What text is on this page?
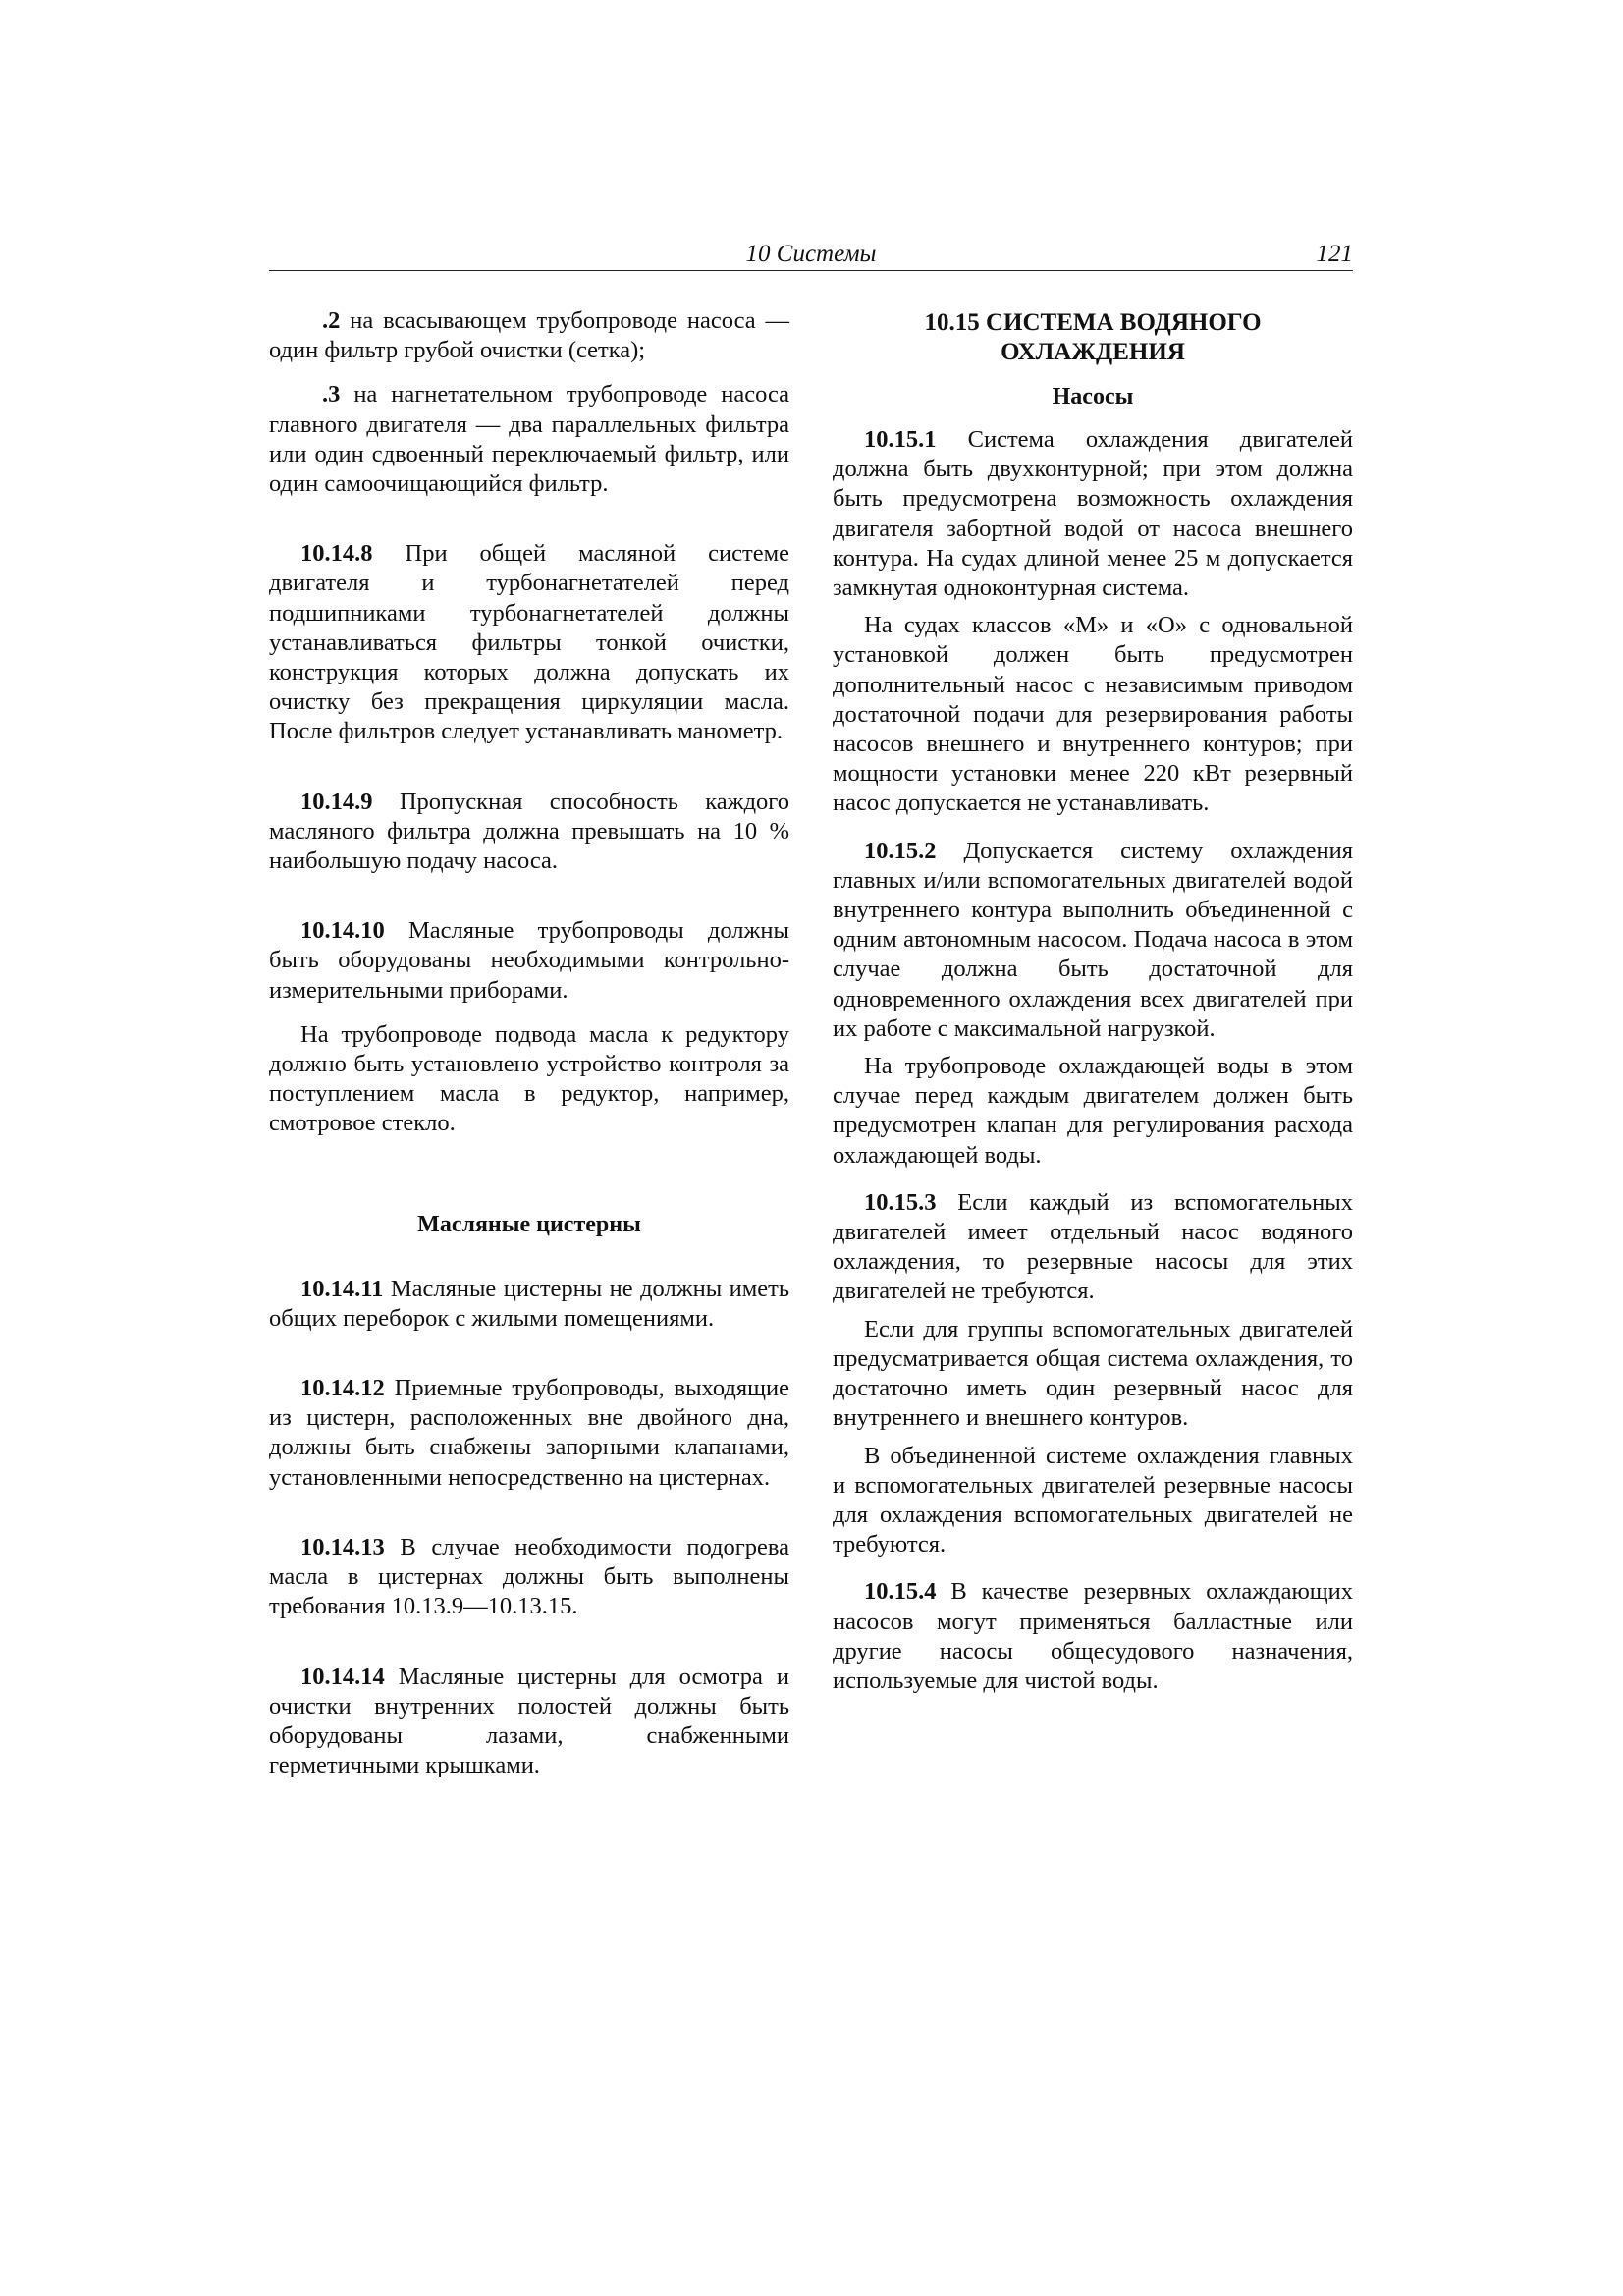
10 Системы	121

.2 на всасывающем трубопроводе насоса — один фильтр грубой очистки (сетка);

.3 на нагнетательном трубопроводе насоса главного двигателя — два параллельных фильтра или один сдвоенный переключаемый фильтр, или один самоочищающийся фильтр.

10.14.8 При общей масляной системе двигателя и турбонагнетателей перед подшипниками турбонагнетателей должны устанавливаться фильтры тонкой очистки, конструкция которых должна допускать их очистку без прекращения циркуляции масла. После фильтров следует устанавливать манометр.

10.14.9 Пропускная способность каждого масляного фильтра должна превышать на 10 % наибольшую подачу насоса.

10.14.10 Масляные трубопроводы должны быть оборудованы необходимыми контрольно-измерительными приборами.

На трубопроводе подвода масла к редуктору должно быть установлено устройство контроля за поступлением масла в редуктор, например, смотровое стекло.

Масляные цистерны

10.14.11 Масляные цистерны не должны иметь общих переборок с жилыми помещениями.

10.14.12 Приемные трубопроводы, выходящие из цистерн, расположенных вне двойного дна, должны быть снабжены запорными клапанами, установленными непосредственно на цистернах.

10.14.13 В случае необходимости подогрева масла в цистернах должны быть выполнены требования 10.13.9—10.13.15.

10.14.14 Масляные цистерны для осмотра и очистки внутренних полостей должны быть оборудованы лазами, снабженными герметичными крышками.

10.15 СИСТЕМА ВОДЯНОГО
ОХЛАЖДЕНИЯ
Насосы

10.15.1 Система охлаждения двигателей должна быть двухконтурной; при этом должна быть предусмотрена возможность охлаждения двигателя забортной водой от насоса внешнего контура. На судах длиной менее 25 м допускается замкнутая одноконтурная система.

На судах классов «М» и «О» с одновальной установкой должен быть предусмотрен дополнительный насос с независимым приводом достаточной подачи для резервирования работы насосов внешнего и внутреннего контуров; при мощности установки менее 220 кВт резервный насос допускается не устанавливать.

10.15.2 Допускается систему охлаждения главных и/или вспомогательных двигателей водой внутреннего контура выполнить объединенной с одним автономным насосом. Подача насоса в этом случае должна быть достаточной для одновременного охлаждения всех двигателей при их работе с максимальной нагрузкой.

На трубопроводе охлаждающей воды в этом случае перед каждым двигателем должен быть предусмотрен клапан для регулирования расхода охлаждающей воды.

10.15.3 Если каждый из вспомогательных двигателей имеет отдельный насос водяного охлаждения, то резервные насосы для этих двигателей не требуются.

Если для группы вспомогательных двигателей предусматривается общая система охлаждения, то достаточно иметь один резервный насос для внутреннего и внешнего контуров.

В объединенной системе охлаждения главных и вспомогательных двигателей резервные насосы для охлаждения вспомогательных двигателей не требуются.

10.15.4 В качестве резервных охлаждающих насосов могут применяться балластные или другие насосы общесудового назначения, используемые для чистой воды.
